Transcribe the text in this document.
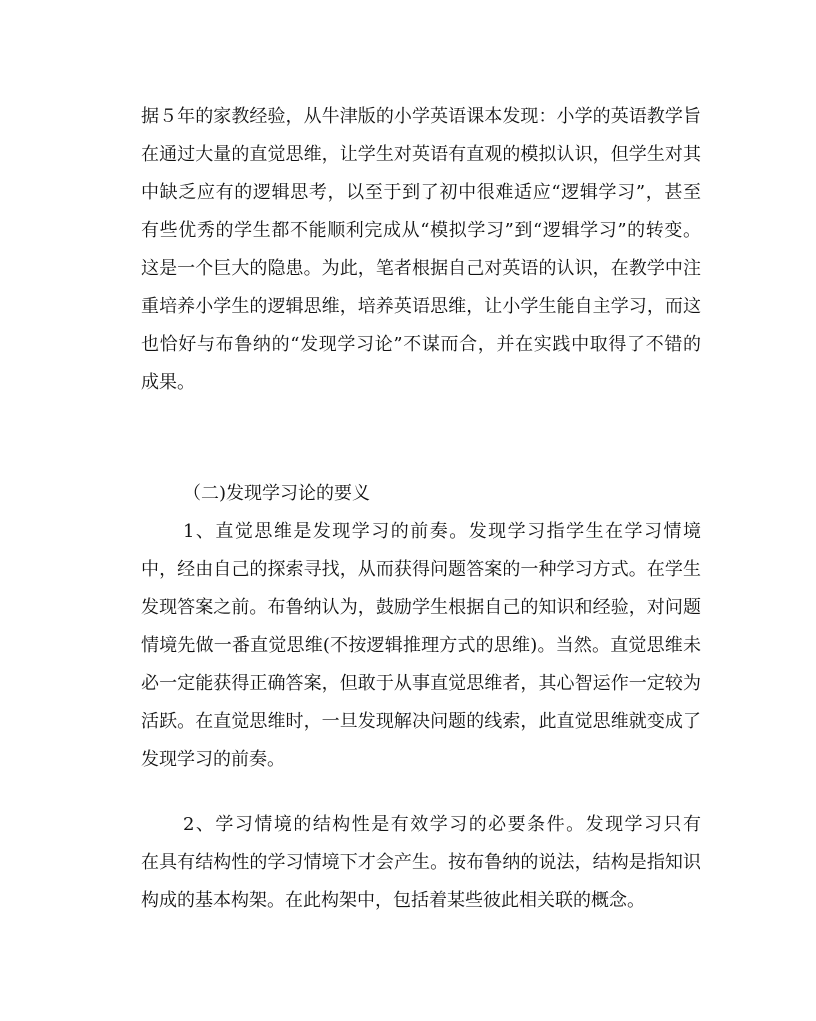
据５年的家教经验，从牛津版的小学英语课本发现：小学的英语教学旨
在通过大量的直觉思维，让学生对英语有直观的模拟认识，但学生对其
中缺乏应有的逻辑思考，以至于到了初中很难适应“逻辑学习”，甚至
有些优秀的学生都不能顺利完成从“模拟学习”到“逻辑学习”的转变。
这是一个巨大的隐患。为此，笔者根据自己对英语的认识，在教学中注
重培养小学生的逻辑思维，培养英语思维，让小学生能自主学习，而这
也恰好与布鲁纳的“发现学习论”不谋而合，并在实践中取得了不错的
成果。
（二)发现学习论的要义
1、直觉思维是发现学习的前奏。发现学习指学生在学习情境
中，经由自己的探索寻找，从而获得问题答案的一种学习方式。在学生
发现答案之前。布鲁纳认为，鼓励学生根据自己的知识和经验，对问题
情境先做一番直觉思维(不按逻辑推理方式的思维)。当然。直觉思维未
必一定能获得正确答案，但敢于从事直觉思维者，其心智运作一定较为
活跃。在直觉思维时，一旦发现解决问题的线索，此直觉思维就变成了
发现学习的前奏。
2、学习情境的结构性是有效学习的必要条件。发现学习只有
在具有结构性的学习情境下才会产生。按布鲁纳的说法，结构是指知识
构成的基本构架。在此构架中，包括着某些彼此相关联的概念。
